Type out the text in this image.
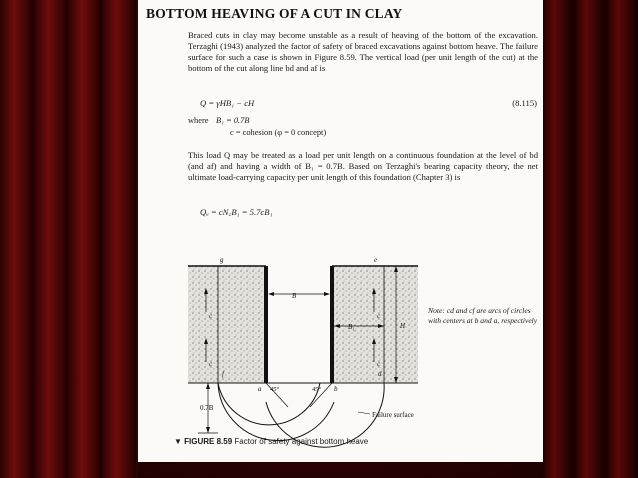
BOTTOM HEAVING OF A CUT IN CLAY
Braced cuts in clay may become unstable as a result of heaving of the bottom of the excavation. Terzaghi (1943) analyzed the factor of safety of braced excavations against bottom heave. The failure surface for such a case is shown in Figure 8.59. The vertical load (per unit length of the cut) at the bottom of the cut along line bd and af is
Q = γHB₁ − cH	(8.115)
where B₁ = 0.7B
c = cohesion (φ = 0 concept)
This load Q may be treated as a load per unit length on a continuous foundation at the level of bd (and af) and having a width of B₁ = 0.7B. Based on Terzaghi's bearing capacity theory, the net ultimate load-carrying capacity per unit length of this foundation (Chapter 3) is
Qᵤ = cN꜀B₁ = 5.7cB₁
g	e
B
B₁
c
c
c
c
H
f	d
a	b
45°	45°
0.7B
Failure surface
Note: cd and cf are arcs of circles with centers at b and a, respectively
▼ FIGURE 8.59 Factor of safety against bottom heave
